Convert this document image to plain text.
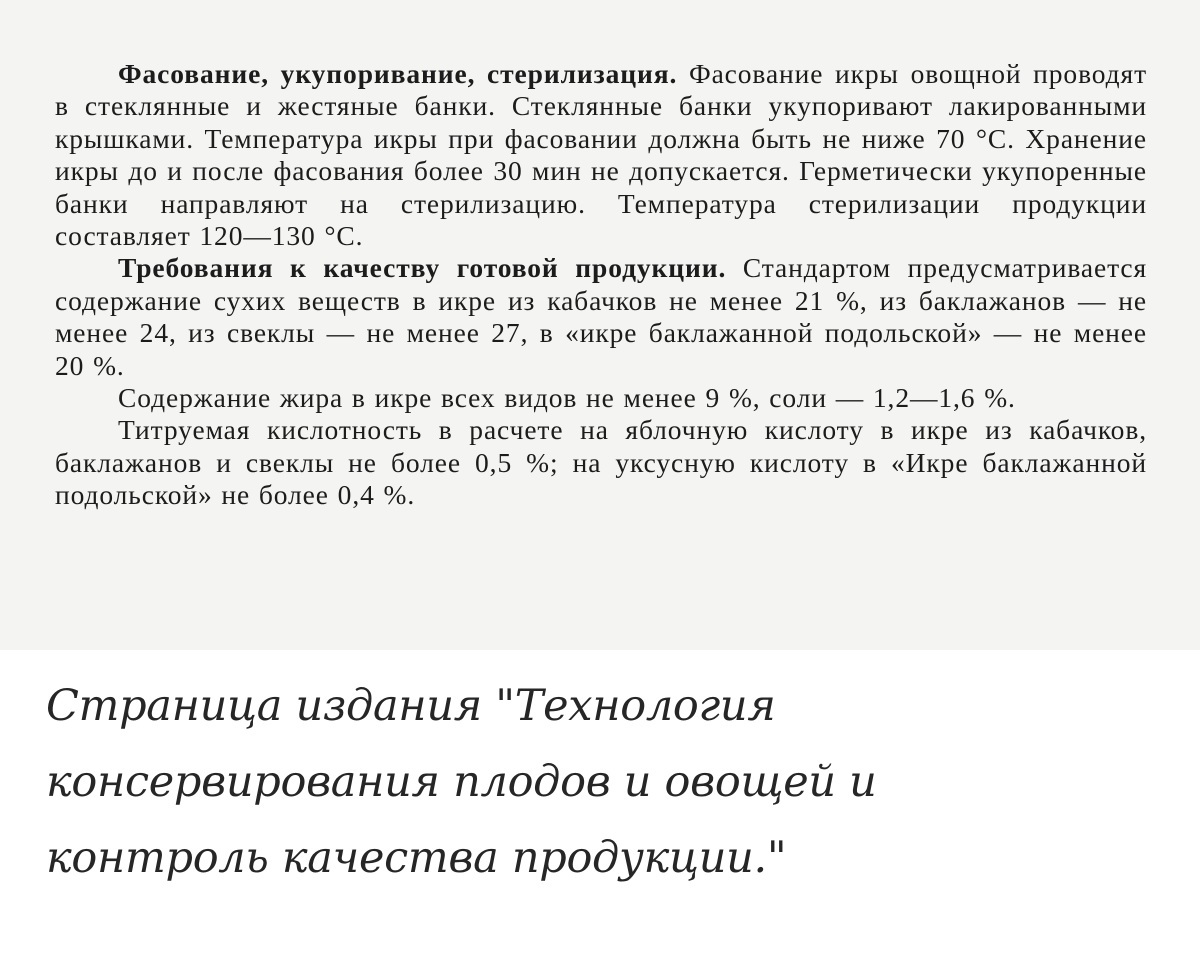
Фасование, укупоривание, стерилизация. Фасование икры овощной проводят в стеклянные и жестяные банки. Стеклянные банки укупоривают лакированными крышками. Температура икры при фасовании должна быть не ниже 70 °С. Хранение икры до и после фасования более 30 мин не допускается. Герметически укупоренные банки направляют на стерилизацию. Температура стерилизации продукции составляет 120—130 °С.

Требования к качеству готовой продукции. Стандартом предусматривается содержание сухих веществ в икре из кабачков не менее 21 %, из баклажанов — не менее 24, из свеклы — не менее 27, в «икре баклажанной подольской» — не менее 20 %.

Содержание жира в икре всех видов не менее 9 %, соли — 1,2—1,6 %.

Титруемая кислотность в расчете на яблочную кислоту в икре из кабачков, баклажанов и свеклы не более 0,5 %; на уксусную кислоту в «Икре баклажанной подольской» не более 0,4 %.

Страница издания "Технология
консервирования плодов и овощей и
контроль качества продукции."
